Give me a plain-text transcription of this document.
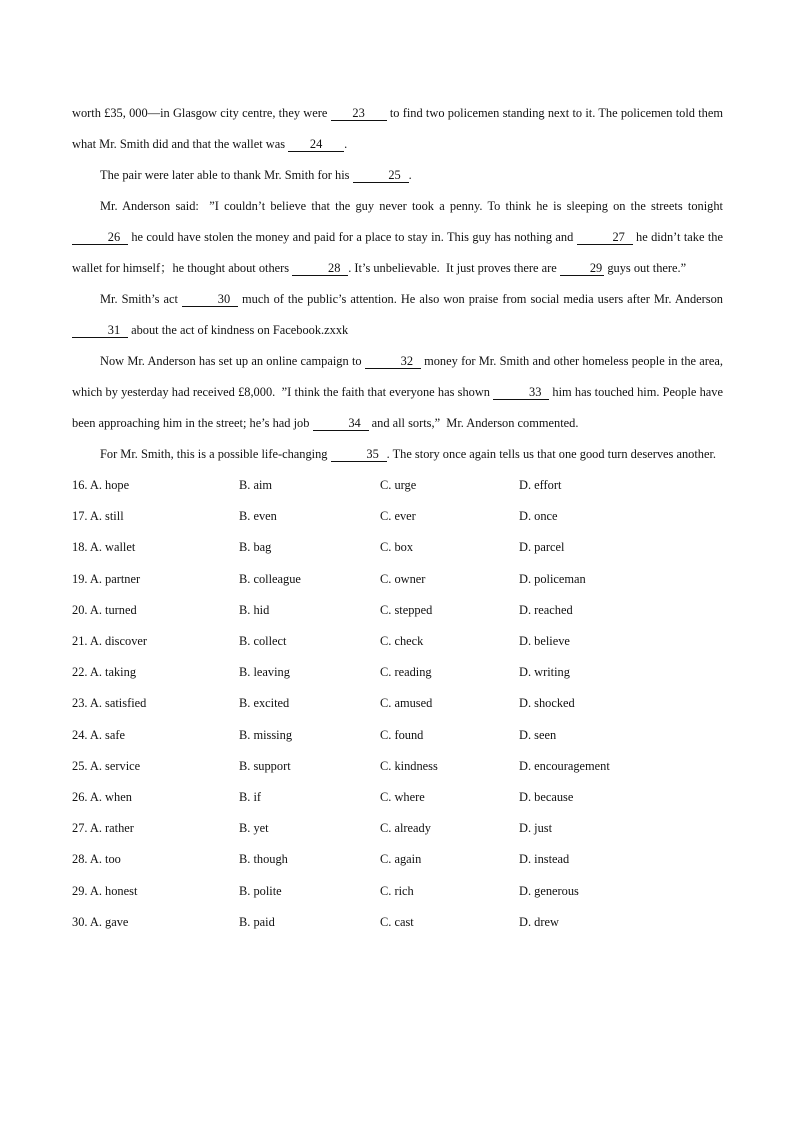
worth £35, 000—in Glasgow city centre, they were 23 to find two policemen standing next to it. The policemen told them what Mr. Smith did and that the wallet was 24 .

The pair were later able to thank Mr. Smith for his	25 .

Mr. Anderson said:  ”I couldn’t believe that the guy never took a penny. To think he is sleeping on the streets tonight 26 he could have stolen the money and paid for a place to stay in. This guy has nothing and	27 he didn’t take the wallet for himself；he thought about others	28 . It’s unbelievable.  It just proves there are 29 guys out there.”

Mr. Smith’s act	30 much of the public’s attention. He also won praise from social media users after Mr. Anderson 31 about the act of kindness on Facebook.zxxk

Now Mr. Anderson has set up an online campaign to	32 money for Mr. Smith and other homeless people in the area, which by yesterday had received £8,000.  ”I think the faith that everyone has shown	33 him has touched him. People have been approaching him in the street; he’s had job	34 and all sorts,”  Mr. Anderson commented.

For Mr. Smith, this is a possible life-changing	35 . The story once again tells us that one good turn deserves another.

16. A. hope	B. aim	C. urge	D. effort
17. A. still	B. even	C. ever	D. once
18. A. wallet	B. bag	C. box	D. parcel
19. A. partner	B. colleague	C. owner	D. policeman
20. A. turned	B. hid	C. stepped	D. reached
21. A. discover	B. collect	C. check	D. believe
22. A. taking	B. leaving	C. reading	D. writing
23. A. satisfied	B. excited	C. amused	D. shocked
24. A. safe	B. missing	C. found	D. seen
25. A. service	B. support	C. kindness	D. encouragement
26. A. when	B. if	C. where	D. because
27. A. rather	B. yet	C. already	D. just
28. A. too	B. though	C. again	D. instead
29. A. honest	B. polite	C. rich	D. generous
30. A. gave	B. paid	C. cast	D. drew
